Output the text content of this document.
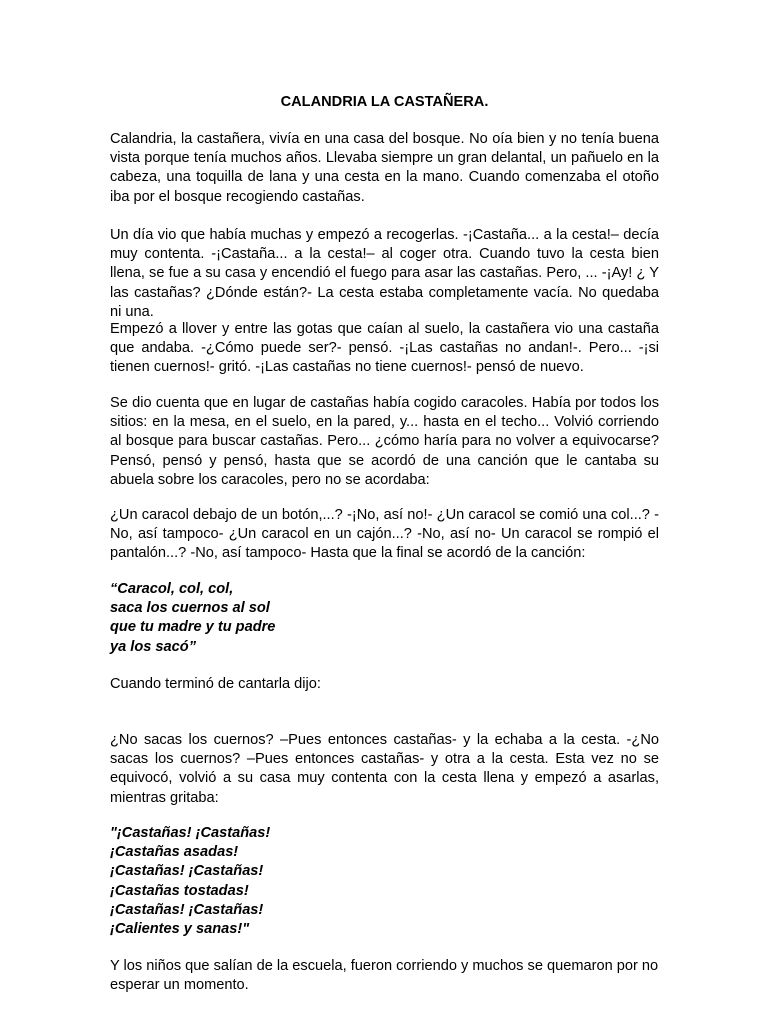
CALANDRIA LA CASTAÑERA.

Calandria, la castañera, vivía en una casa del bosque. No oía bien y no tenía buena vista porque tenía muchos años. Llevaba siempre un gran delantal, un pañuelo en la cabeza, una toquilla de lana y una cesta en la mano. Cuando comenzaba el otoño iba por el bosque recogiendo castañas.

Un día vio que había muchas y empezó a recogerlas. -¡Castaña... a la cesta!– decía muy contenta. -¡Castaña... a la cesta!– al coger otra. Cuando tuvo la cesta bien llena, se fue a su casa y encendió el fuego para asar las castañas. Pero, ... -¡Ay! ¿ Y las castañas? ¿Dónde están?- La cesta estaba completamente vacía. No quedaba ni una.

Empezó a llover y entre las gotas que caían al suelo, la castañera vio una castaña que andaba. -¿Cómo puede ser?- pensó. -¡Las castañas no andan!-. Pero... -¡si tienen cuernos!- gritó. -¡Las castañas no tiene cuernos!- pensó de nuevo.

Se dio cuenta que en lugar de castañas había cogido caracoles. Había por todos los sitios: en la mesa, en el suelo, en la pared, y... hasta en el techo... Volvió corriendo al bosque para buscar castañas. Pero... ¿cómo haría para no volver a equivocarse? Pensó, pensó y pensó, hasta que se acordó de una canción que le cantaba su abuela sobre los caracoles, pero no se acordaba:

¿Un caracol debajo de un botón,...? -¡No, así no!- ¿Un caracol se comió una col...? -No, así tampoco- ¿Un caracol en un cajón...? -No, así no- Un caracol se rompió el pantalón...? -No, así tampoco- Hasta que la final se acordó de la canción:

“Caracol, col, col,
saca los cuernos al sol
que tu madre y tu padre
ya los sacó”

Cuando terminó de cantarla dijo:

¿No sacas los cuernos? –Pues entonces castañas- y la echaba a la cesta. -¿No sacas los cuernos? –Pues entonces castañas- y otra a la cesta. Esta vez no se equivocó, volvió a su casa muy contenta con la cesta llena y empezó a asarlas, mientras gritaba:

"¡Castañas! ¡Castañas!
¡Castañas asadas!
¡Castañas! ¡Castañas!
¡Castañas tostadas!
¡Castañas! ¡Castañas!
¡Calientes y sanas!"

Y los niños que salían de la escuela, fueron corriendo y muchos se quemaron por no esperar un momento.
